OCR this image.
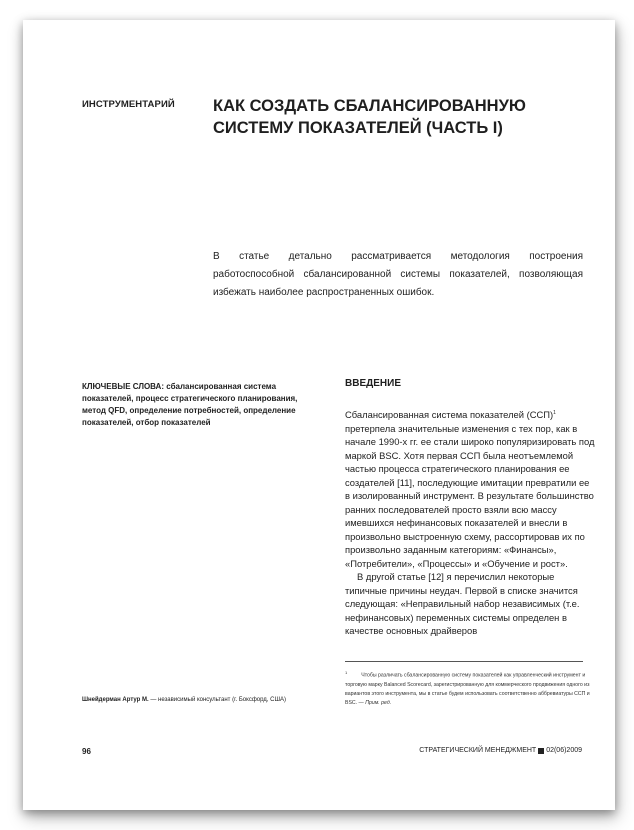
ИНСТРУМЕНТАРИЙ	КАК СОЗДАТЬ СБАЛАНСИРОВАННУЮ СИСТЕМУ ПОКАЗАТЕЛЕЙ (ЧАСТЬ I)
В статье детально рассматривается методология построения работоспособной сбалансированной системы показателей, позволяющая избежать наиболее распространенных ошибок.
КЛЮЧЕВЫЕ СЛОВА: сбалансированная система показателей, процесс стратегического планирования, метод QFD, определение потребностей, определение показателей, отбор показателей
ВВЕДЕНИЕ

Сбалансированная система показателей (ССП)$^1$ претерпела значительные изменения с тех пор, как в начале 1990-х гг. ее стали широко популяризировать под маркой BSC. Хотя первая ССП была неотъемлемой частью процесса стратегического планирования ее создателей [11], последующие имитации превратили ее в изолированный инструмент. В результате большинство ранних последователей просто взяли всю массу имевшихся нефинансовых показателей и внесли в произвольно выстроенную схему, рассортировав их по произвольно заданным категориям: «Финансы», «Потребители», «Процессы» и «Обучение и рост».

В другой статье [12] я перечислил некоторые типичные причины неудач. Первой в списке значится следующая: «Неправильный набор независимых (т.е. нефинансовых) переменных системы определен в качестве основных драйверов

$^1$Чтобы различать сбалансированную систему показателей как управленческий инструмент и торговую марку Balanced Scorecard, зарегистрированную для коммерческого продвижения одного из вариантов этого инструмента, мы в статье будем использовать соответственно аббревиатуры ССП и BSC. — Прим. ред.
Шнейдерман Артур М. — независимый консультант (г. Боксфорд, США)
96	СТРАТЕГИЧЕСКИЙ МЕНЕДЖМЕНТ 02(06)2009
